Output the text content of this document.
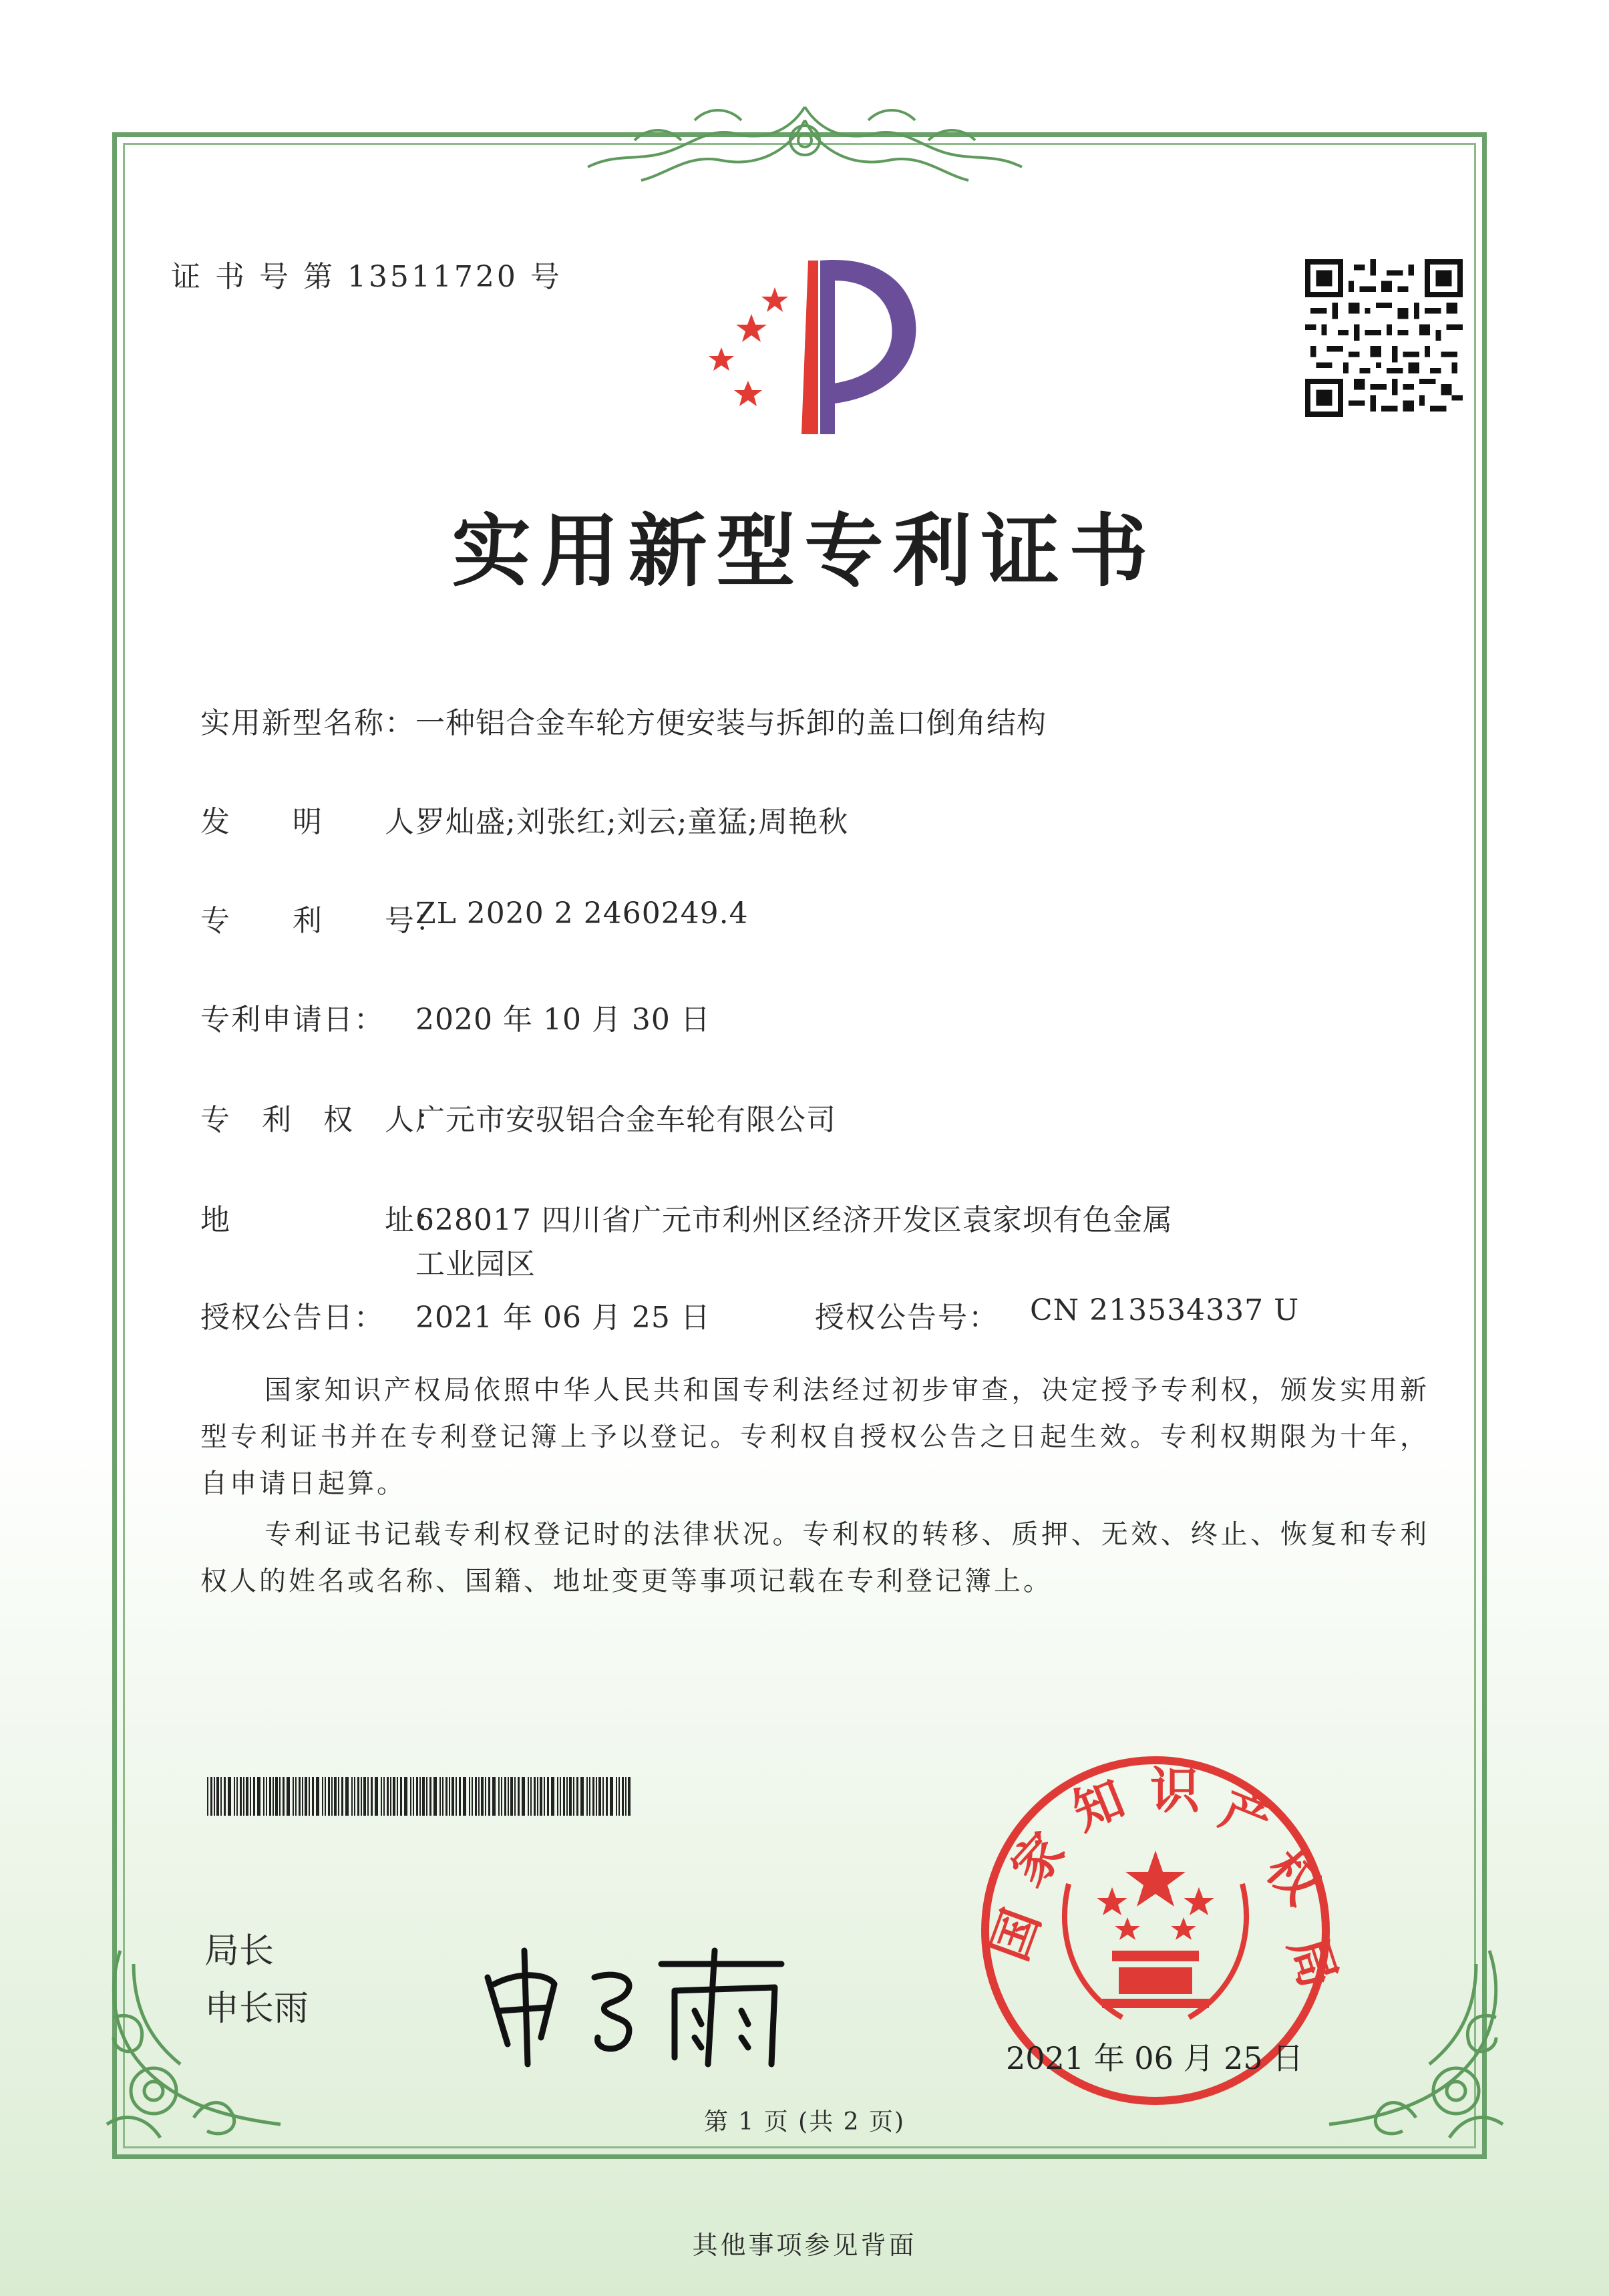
证 书 号 第 13511720 号
实用新型专利证书
实用新型名称： 一种铝合金车轮方便安装与拆卸的盖口倒角结构
发　　明　　人：
罗灿盛;刘张红;刘云;童猛;周艳秋
专　　利　　号：
ZL 2020 2 2460249.4
专利申请日： 2020 年 10 月 30 日
专　利　权　人：
广元市安驭铝合金车轮有限公司
地　　　　　址：
628017 四川省广元市利州区经济开发区袁家坝有色金属
工业园区
授权公告日： 2021 年 06 月 25 日	授权公告号： CN 213534337 U
国家知识产权局依照中华人民共和国专利法经过初步审查，决定授予专利权，颁发实用新型专利证书并在专利登记簿上予以登记。专利权自授权公告之日起生效。专利权期限为十年，自申请日起算。
专利证书记载专利权登记时的法律状况。专利权的转移、质押、无效、终止、恢复和专利权人的姓名或名称、国籍、地址变更等事项记载在专利登记簿上。
局长
申长雨
国
家
知 识 产
权
局
2021 年 06 月 25 日
第 1 页 (共 2 页)
其他事项参见背面
